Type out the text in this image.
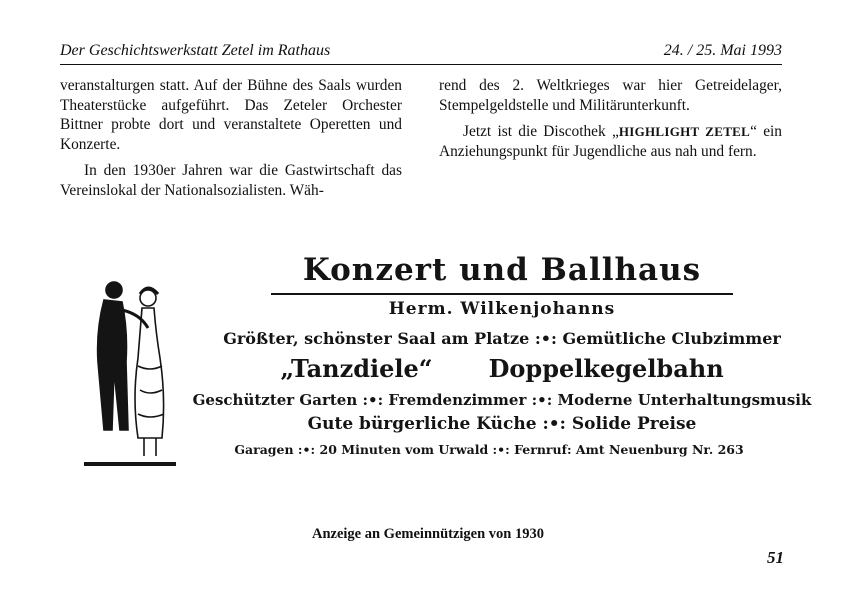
Der Geschichtswerkstatt Zetel im Rathaus	24. / 25. Mai 1993

veranstalturgen statt. Auf der Bühne des Saals wurden Theaterstücke aufgeführt. Das Zeteler Orchester Bittner probte dort und veranstaltete Operetten und Konzerte.

In den 1930er Jahren war die Gastwirtschaft das Vereinslokal der Nationalsozialisten. Wäh-

rend des 2. Weltkrieges war hier Getreidelager, Stempelgeldstelle und Militärunterkunft.

Jetzt ist die Discothek „HIGHLIGHT ZETEL“ ein Anziehungspunkt für Jugendliche aus nah und fern.

Konzert und Ballhaus
Herm. Wilkenjohanns
Größter, schönster Saal am Platze :•: Gemütliche Clubzimmer
„Tanzdiele“ Doppelkegelbahn
Geschützter Garten :•: Fremdenzimmer :•: Moderne Unterhaltungsmusik
Gute bürgerliche Küche :•: Solide Preise
Garagen :•: 20 Minuten vom Urwald :•: Fernruf: Amt Neuenburg Nr. 263
Anzeige an Gemeinnützigen von 1930
51
